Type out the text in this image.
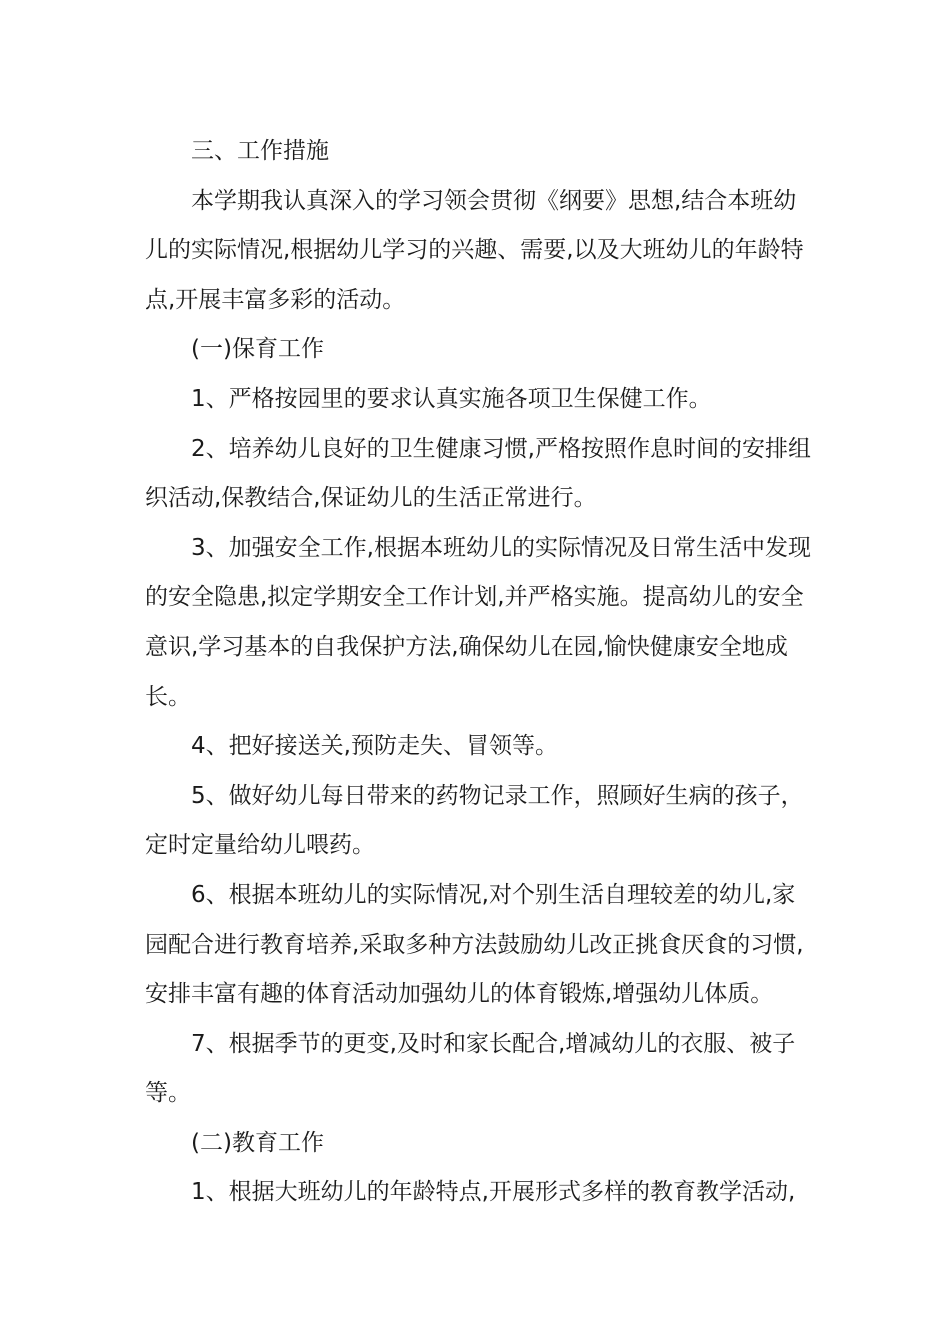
三、工作措施

本学期我认真深入的学习领会贯彻《纲要》思想,结合本班幼儿的实际情况,根据幼儿学习的兴趣、需要,以及大班幼儿的年龄特点,开展丰富多彩的活动。

(一)保育工作

1、严格按园里的要求认真实施各项卫生保健工作。

2、培养幼儿良好的卫生健康习惯,严格按照作息时间的安排组织活动,保教结合,保证幼儿的生活正常进行。

3、加强安全工作,根据本班幼儿的实际情况及日常生活中发现的安全隐患,拟定学期安全工作计划,并严格实施。提高幼儿的安全意识,学习基本的自我保护方法,确保幼儿在园,愉快健康安全地成长。

4、把好接送关,预防走失、冒领等。

5、做好幼儿每日带来的药物记录工作，照顾好生病的孩子，定时定量给幼儿喂药。

6、根据本班幼儿的实际情况,对个别生活自理较差的幼儿,家园配合进行教育培养,采取多种方法鼓励幼儿改正挑食厌食的习惯,安排丰富有趣的体育活动加强幼儿的体育锻炼,增强幼儿体质。

7、根据季节的更变,及时和家长配合,增减幼儿的衣服、被子等。

(二)教育工作

1、根据大班幼儿的年龄特点,开展形式多样的教育教学活动,
